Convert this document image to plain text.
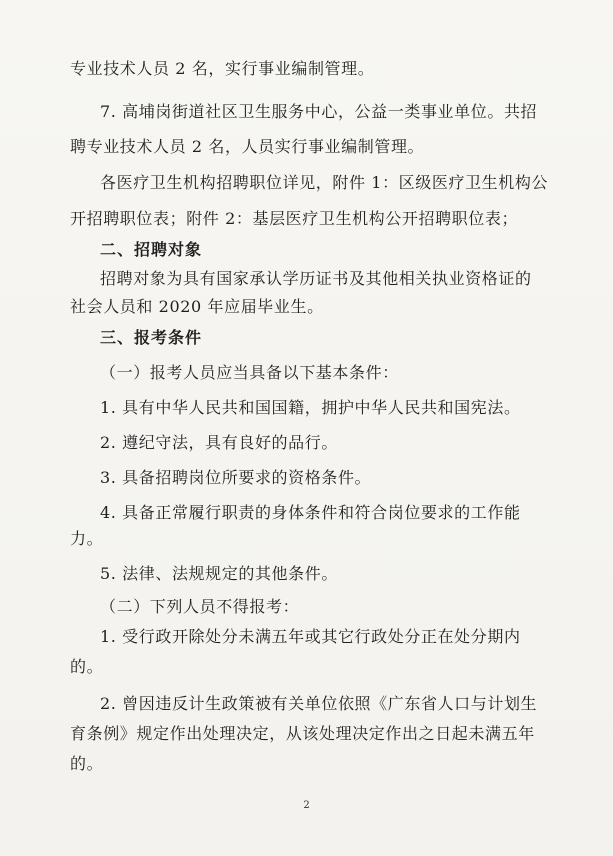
专业技术人员 2 名，实行事业编制管理。
7. 高埔岗街道社区卫生服务中心，公益一类事业单位。共招
聘专业技术人员 2 名，人员实行事业编制管理。
各医疗卫生机构招聘职位详见，附件 1：区级医疗卫生机构公
开招聘职位表；附件 2：基层医疗卫生机构公开招聘职位表；
二、招聘对象
招聘对象为具有国家承认学历证书及其他相关执业资格证的
社会人员和 2020 年应届毕业生。
三、报考条件
（一）报考人员应当具备以下基本条件：
1. 具有中华人民共和国国籍，拥护中华人民共和国宪法。
2. 遵纪守法，具有良好的品行。
3. 具备招聘岗位所要求的资格条件。
4. 具备正常履行职责的身体条件和符合岗位要求的工作能
力。
5. 法律、法规规定的其他条件。
（二）下列人员不得报考：
1. 受行政开除处分未满五年或其它行政处分正在处分期内
的。
2. 曾因违反计生政策被有关单位依照《广东省人口与计划生
育条例》规定作出处理决定，从该处理决定作出之日起未满五年
的。
2
